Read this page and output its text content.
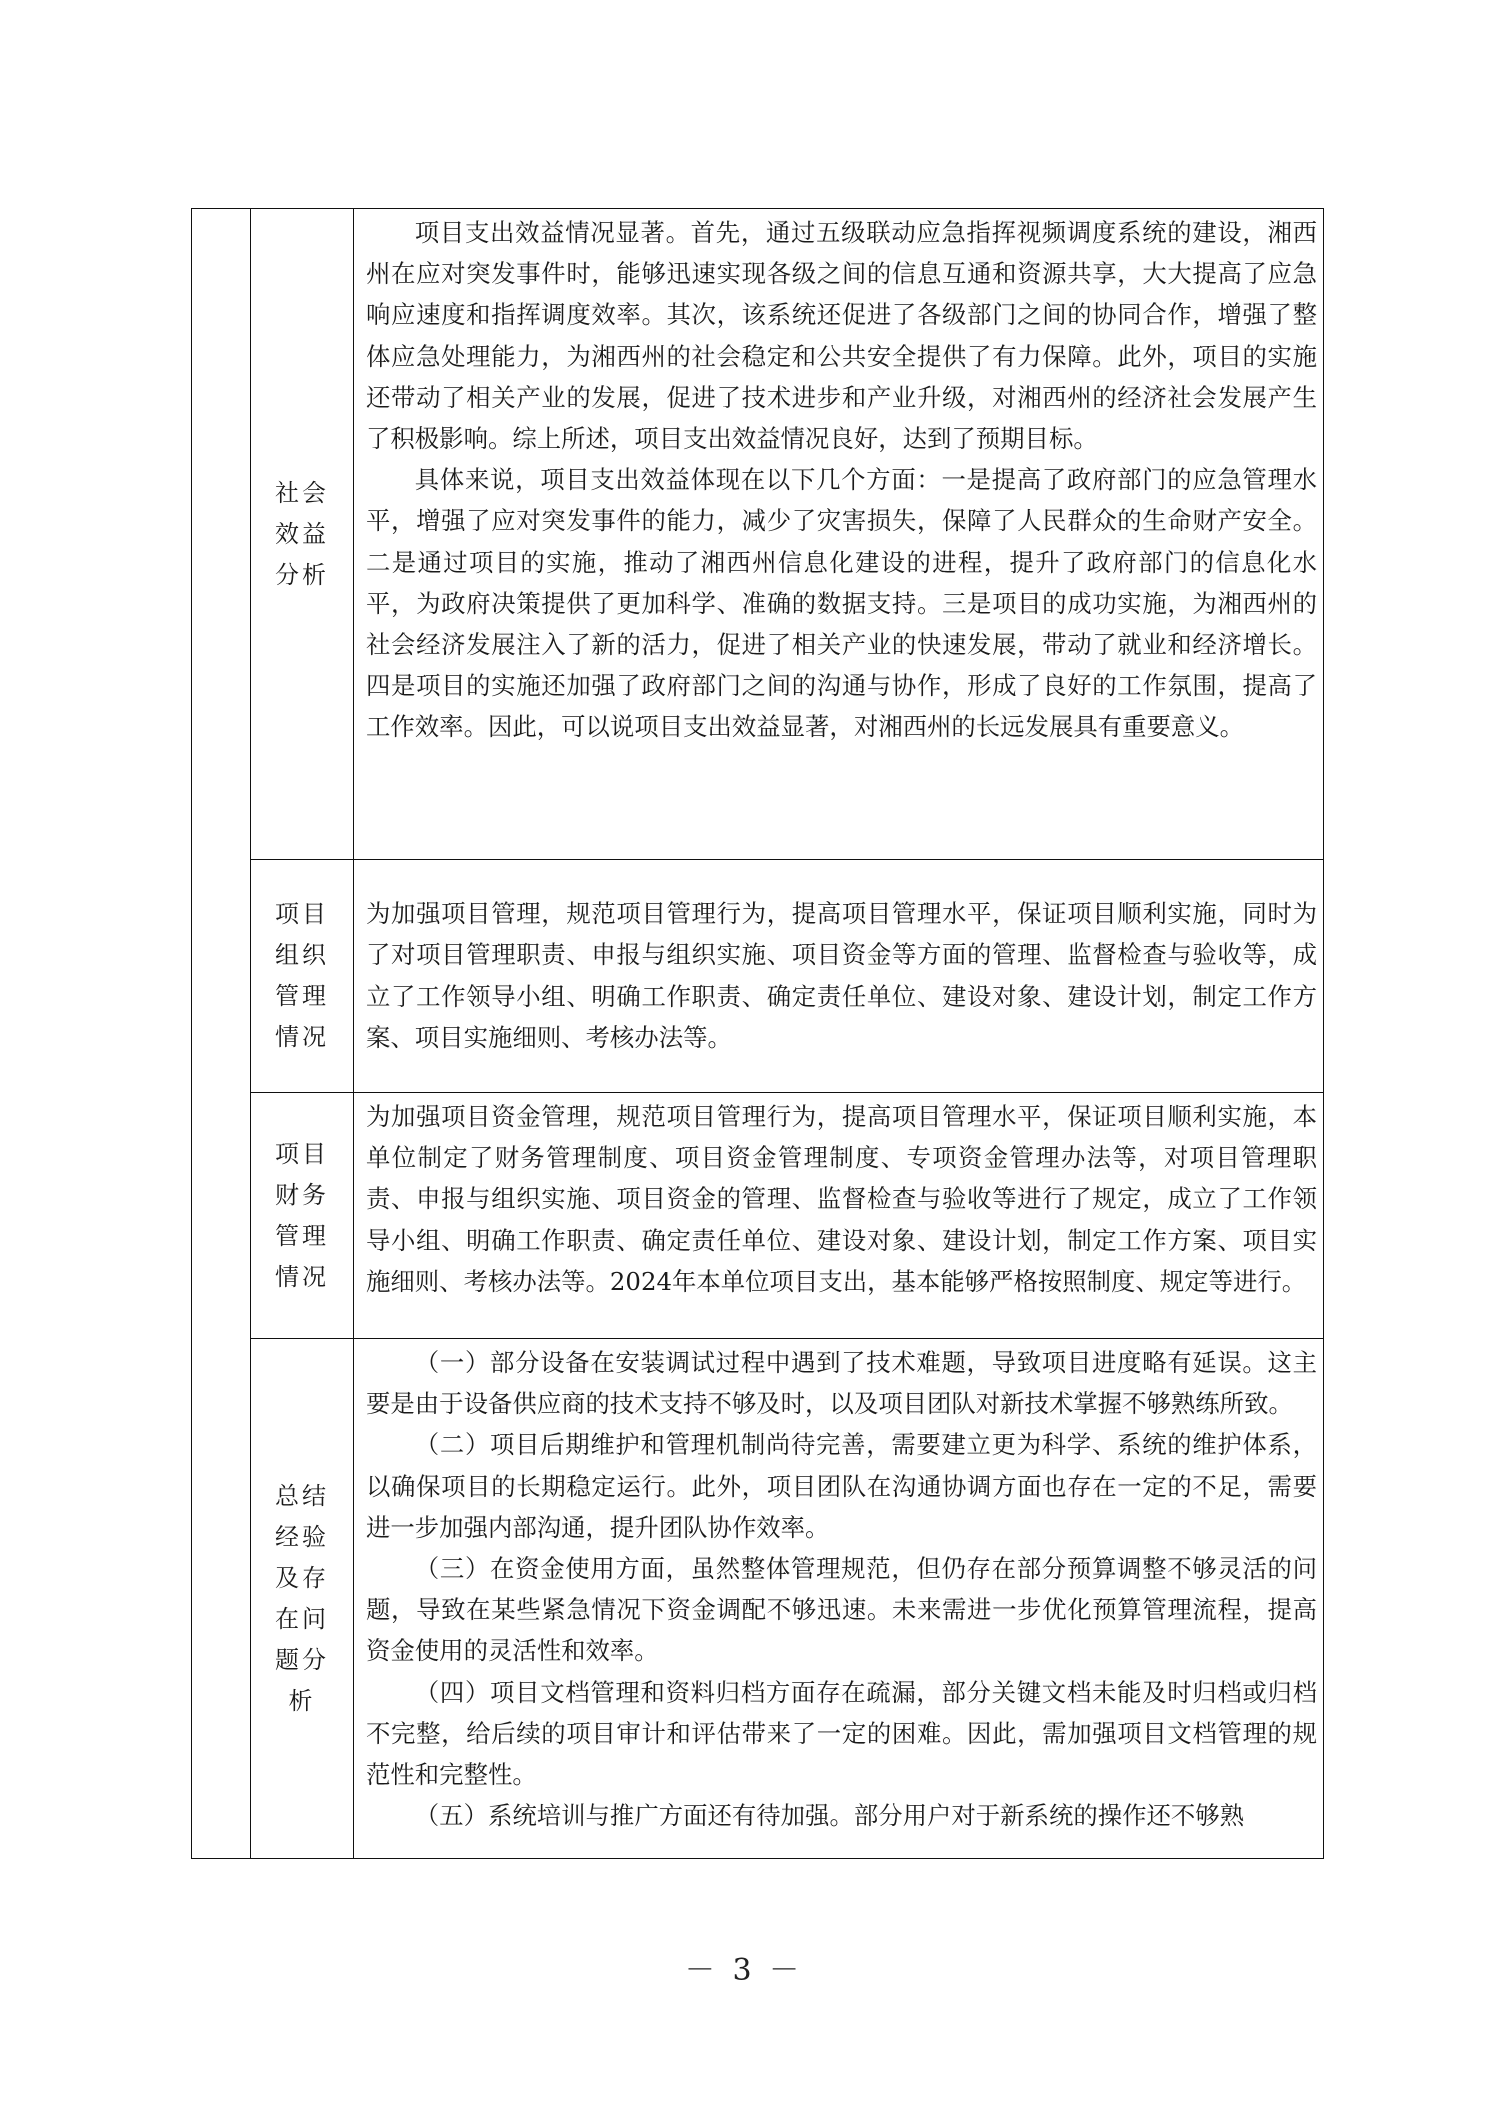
	社会效益分析	项目支出效益情况显著。首先，通过五级联动应急指挥视频调度系统的建设，湘西州在应对突发事件时，能够迅速实现各级之间的信息互通和资源共享，大大提高了应急响应速度和指挥调度效率。其次，该系统还促进了各级部门之间的协同合作，增强了整体应急处理能力，为湘西州的社会稳定和公共安全提供了有力保障。此外，项目的实施还带动了相关产业的发展，促进了技术进步和产业升级，对湘西州的经济社会发展产生了积极影响。综上所述，项目支出效益情况良好，达到了预期目标。

具体来说，项目支出效益体现在以下几个方面：一是提高了政府部门的应急管理水平，增强了应对突发事件的能力，减少了灾害损失，保障了人民群众的生命财产安全。二是通过项目的实施，推动了湘西州信息化建设的进程，提升了政府部门的信息化水平，为政府决策提供了更加科学、准确的数据支持。三是项目的成功实施，为湘西州的社会经济发展注入了新的活力，促进了相关产业的快速发展，带动了就业和经济增长。四是项目的实施还加强了政府部门之间的沟通与协作，形成了良好的工作氛围，提高了工作效率。因此，可以说项目支出效益显著，对湘西州的长远发展具有重要意义。

	项目组织管理情况	为加强项目管理，规范项目管理行为，提高项目管理水平，保证项目顺利实施，同时为了对项目管理职责、申报与组织实施、项目资金等方面的管理、监督检查与验收等，成立了工作领导小组、明确工作职责、确定责任单位、建设对象、建设计划，制定工作方案、项目实施细则、考核办法等。

	项目财务管理情况	为加强项目资金管理，规范项目管理行为，提高项目管理水平，保证项目顺利实施，本单位制定了财务管理制度、项目资金管理制度、专项资金管理办法等，对项目管理职责、申报与组织实施、项目资金的管理、监督检查与验收等进行了规定，成立了工作领导小组、明确工作职责、确定责任单位、建设对象、建设计划，制定工作方案、项目实施细则、考核办法等。2024年本单位项目支出，基本能够严格按照制度、规定等进行。

	总结经验及存在问题分析	（一）部分设备在安装调试过程中遇到了技术难题，导致项目进度略有延误。这主要是由于设备供应商的技术支持不够及时，以及项目团队对新技术掌握不够熟练所致。

（二）项目后期维护和管理机制尚待完善，需要建立更为科学、系统的维护体系，以确保项目的长期稳定运行。此外，项目团队在沟通协调方面也存在一定的不足，需要进一步加强内部沟通，提升团队协作效率。

（三）在资金使用方面，虽然整体管理规范，但仍存在部分预算调整不够灵活的问题，导致在某些紧急情况下资金调配不够迅速。未来需进一步优化预算管理流程，提高资金使用的灵活性和效率。

（四）项目文档管理和资料归档方面存在疏漏，部分关键文档未能及时归档或归档不完整，给后续的项目审计和评估带来了一定的困难。因此，需加强项目文档管理的规范性和完整性。

（五）系统培训与推广方面还有待加强。部分用户对于新系统的操作还不够熟

－ 3 －
